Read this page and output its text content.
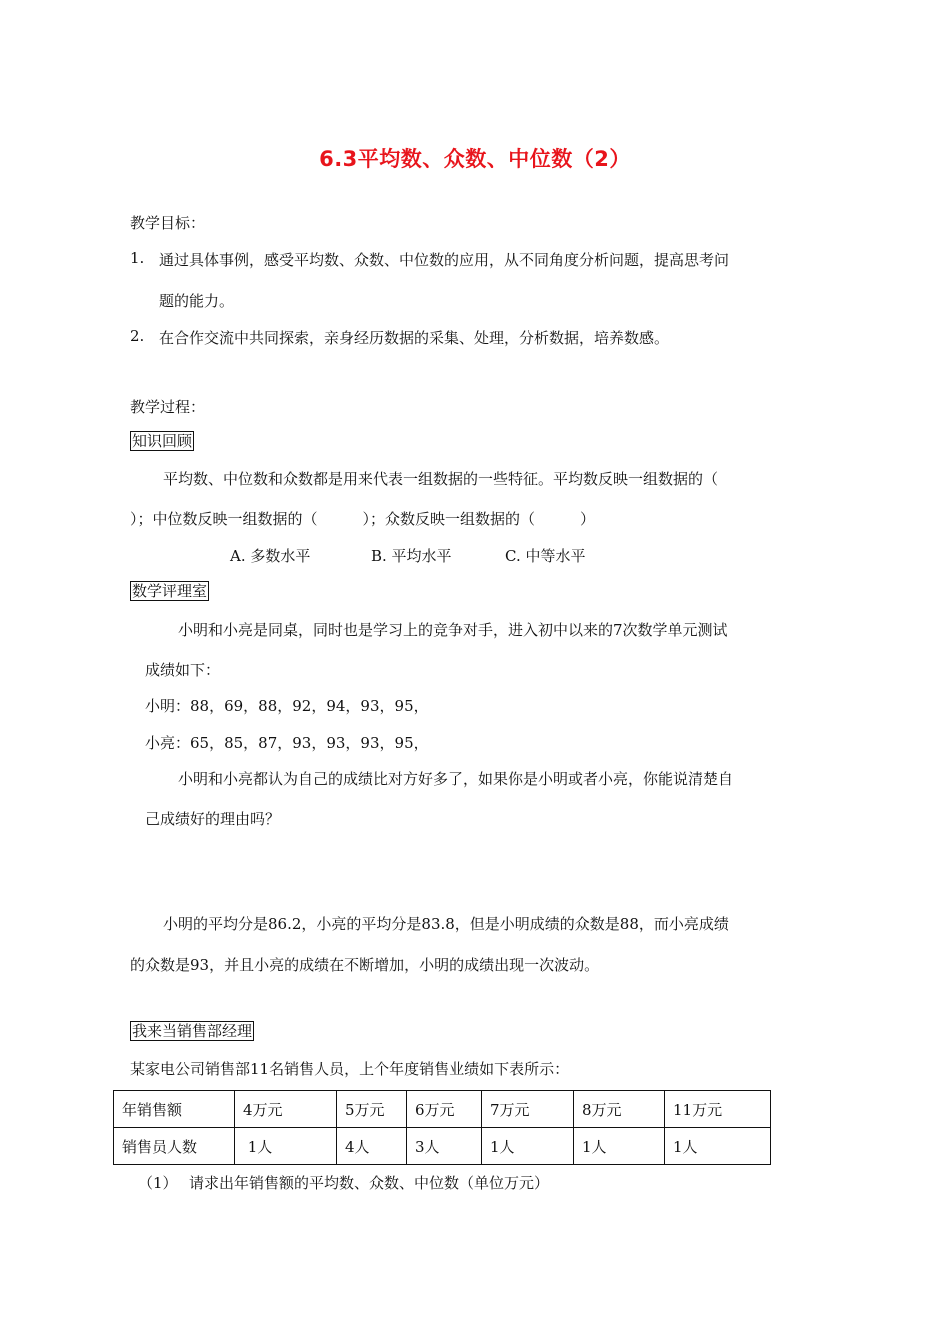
6.3平均数、众数、中位数（2）
教学目标：
1. 通过具体事例，感受平均数、众数、中位数的应用，从不同角度分析问题，提高思考问
题的能力。
2. 在合作交流中共同探索，亲身经历数据的采集、处理，分析数据，培养数感。
教学过程：
知识回顾
平均数、中位数和众数都是用来代表一组数据的一些特征。平均数反映一组数据的（
）；中位数反映一组数据的（　　　）；众数反映一组数据的（　　　）
A. 多数水平	B. 平均水平	C. 中等水平
数学评理室
小明和小亮是同桌，同时也是学习上的竞争对手，进入初中以来的7次数学单元测试
成绩如下：
小明：88，69，88，92，94，93，95，
小亮：65，85，87，93，93，93，95，
小明和小亮都认为自己的成绩比对方好多了，如果你是小明或者小亮，你能说清楚自
己成绩好的理由吗？
小明的平均分是86.2，小亮的平均分是83.8，但是小明成绩的众数是88，而小亮成绩
的众数是93，并且小亮的成绩在不断增加，小明的成绩出现一次波动。
我来当销售部经理
某家电公司销售部11名销售人员，上个年度销售业绩如下表所示：
年销售额	4万元	5万元	6万元	7万元	8万元	11万元
销售员人数	1人	4人	3人	1人	1人	1人
（1） 请求出年销售额的平均数、众数、中位数（单位万元）
